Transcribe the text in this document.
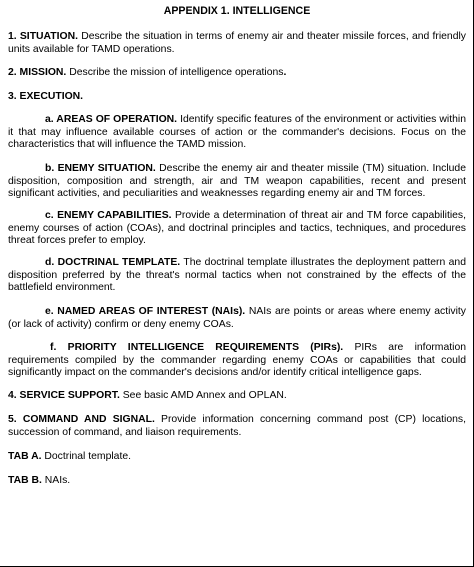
APPENDIX 1. INTELLIGENCE

1. SITUATION. Describe the situation in terms of enemy air and theater missile forces, and friendly units available for TAMD operations.

2. MISSION. Describe the mission of intelligence operations.

3. EXECUTION.

a. AREAS OF OPERATION. Identify specific features of the environment or activities within it that may influence available courses of action or the commander's decisions. Focus on the characteristics that will influence the TAMD mission.

b. ENEMY SITUATION. Describe the enemy air and theater missile (TM) situation. Include disposition, composition and strength, air and TM weapon capabilities, recent and present significant activities, and peculiarities and weaknesses regarding enemy air and TM forces.

c. ENEMY CAPABILITIES. Provide a determination of threat air and TM force capabilities, enemy courses of action (COAs), and doctrinal principles and tactics, techniques, and procedures threat forces prefer to employ.

d. DOCTRINAL TEMPLATE. The doctrinal template illustrates the deployment pattern and disposition preferred by the threat's normal tactics when not constrained by the effects of the battlefield environment.

e. NAMED AREAS OF INTEREST (NAIs). NAIs are points or areas where enemy activity (or lack of activity) confirm or deny enemy COAs.

f. PRIORITY INTELLIGENCE REQUIREMENTS (PIRs). PIRs are information requirements compiled by the commander regarding enemy COAs or capabilities that could significantly impact on the commander's decisions and/or identify critical intelligence gaps.

4. SERVICE SUPPORT. See basic AMD Annex and OPLAN.

5. COMMAND AND SIGNAL. Provide information concerning command post (CP) locations, succession of command, and liaison requirements.

TAB A. Doctrinal template.

TAB B. NAIs.
